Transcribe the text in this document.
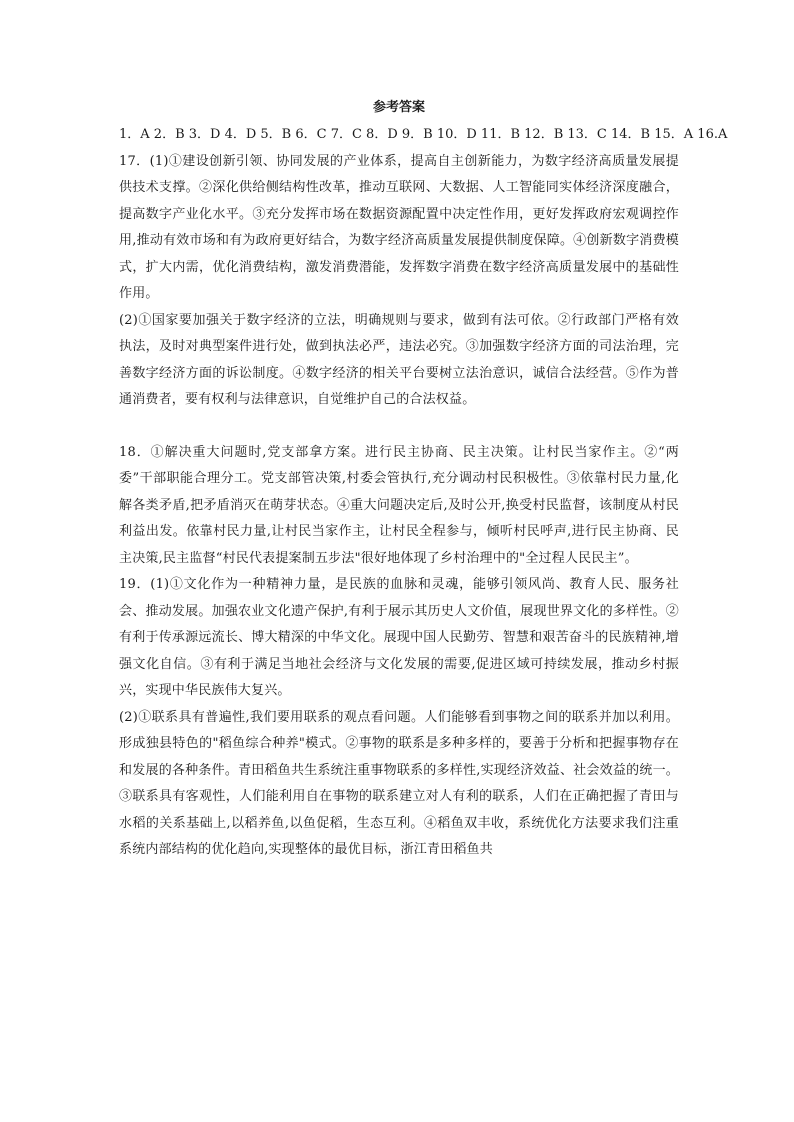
参考答案
1．A 2．B 3．D 4．D 5．B 6．C 7．C 8．D 9．B 10．D 11．B 12．B 13．C 14．B 15．A 16.A

17．(1)①建设创新引领、协同发展的产业体系，提高自主创新能力，为数字经济高质量发展提供技术支撑。②深化供给侧结构性改革，推动互联网、大数据、人工智能同实体经济深度融合，提高数字产业化水平。③充分发挥市场在数据资源配置中决定性作用，更好发挥政府宏观调控作用,推动有效市场和有为政府更好结合，为数字经济高质量发展提供制度保障。④创新数字消费模式，扩大内需，优化消费结构，激发消费潜能，发挥数字消费在数字经济高质量发展中的基础性作用。

(2)①国家要加强关于数字经济的立法，明确规则与要求，做到有法可依。②行政部门严格有效执法，及时对典型案件进行处，做到执法必严，违法必究。③加强数字经济方面的司法治理，完善数字经济方面的诉讼制度。④数字经济的相关平台要树立法治意识，诚信合法经营。⑤作为普通消费者，要有权利与法律意识，自觉维护自己的合法权益。

18．①解决重大问题时,党支部拿方案。进行民主协商、民主决策。让村民当家作主。②“两委”干部职能合理分工。党支部管决策,村委会管执行,充分调动村民积极性。③依靠村民力量,化解各类矛盾,把矛盾消灭在萌芽状态。④重大问题决定后,及时公开,换受村民监督，该制度从村民利益出发。依靠村民力量,让村民当家作主，让村民全程参与，倾听村民呼声,进行民主协商、民主决策,民主监督“村民代表提案制五步法"很好地体现了乡村治理中的"全过程人民民主”。

19．(1)①文化作为一种精神力量，是民族的血脉和灵魂，能够引领风尚、教育人民、服务社会、推动发展。加强农业文化遗产保护,有利于展示其历史人文价值，展现世界文化的多样性。②有利于传承源远流长、博大精深的中华文化。展现中国人民勤劳、智慧和艰苦奋斗的民族精神,增强文化自信。③有利于满足当地社会经济与文化发展的需要,促进区域可持续发展，推动乡村振兴，实现中华民族伟大复兴。

(2)①联系具有普遍性,我们要用联系的观点看问题。人们能够看到事物之间的联系并加以利用。形成独县特色的"稻鱼综合种养"模式。②事物的联系是多种多样的，要善于分析和把握事物存在和发展的各种条件。青田稻鱼共生系统注重事物联系的多样性,实现经济效益、社会效益的统一。③联系具有客观性，人们能利用自在事物的联系建立对人有利的联系，人们在正确把握了青田与水稻的关系基础上,以稻养鱼,以鱼促稻，生态互利。④稻鱼双丰收，系统优化方法要求我们注重系统内部结构的优化趋向,实现整体的最优目标，浙江青田稻鱼共
